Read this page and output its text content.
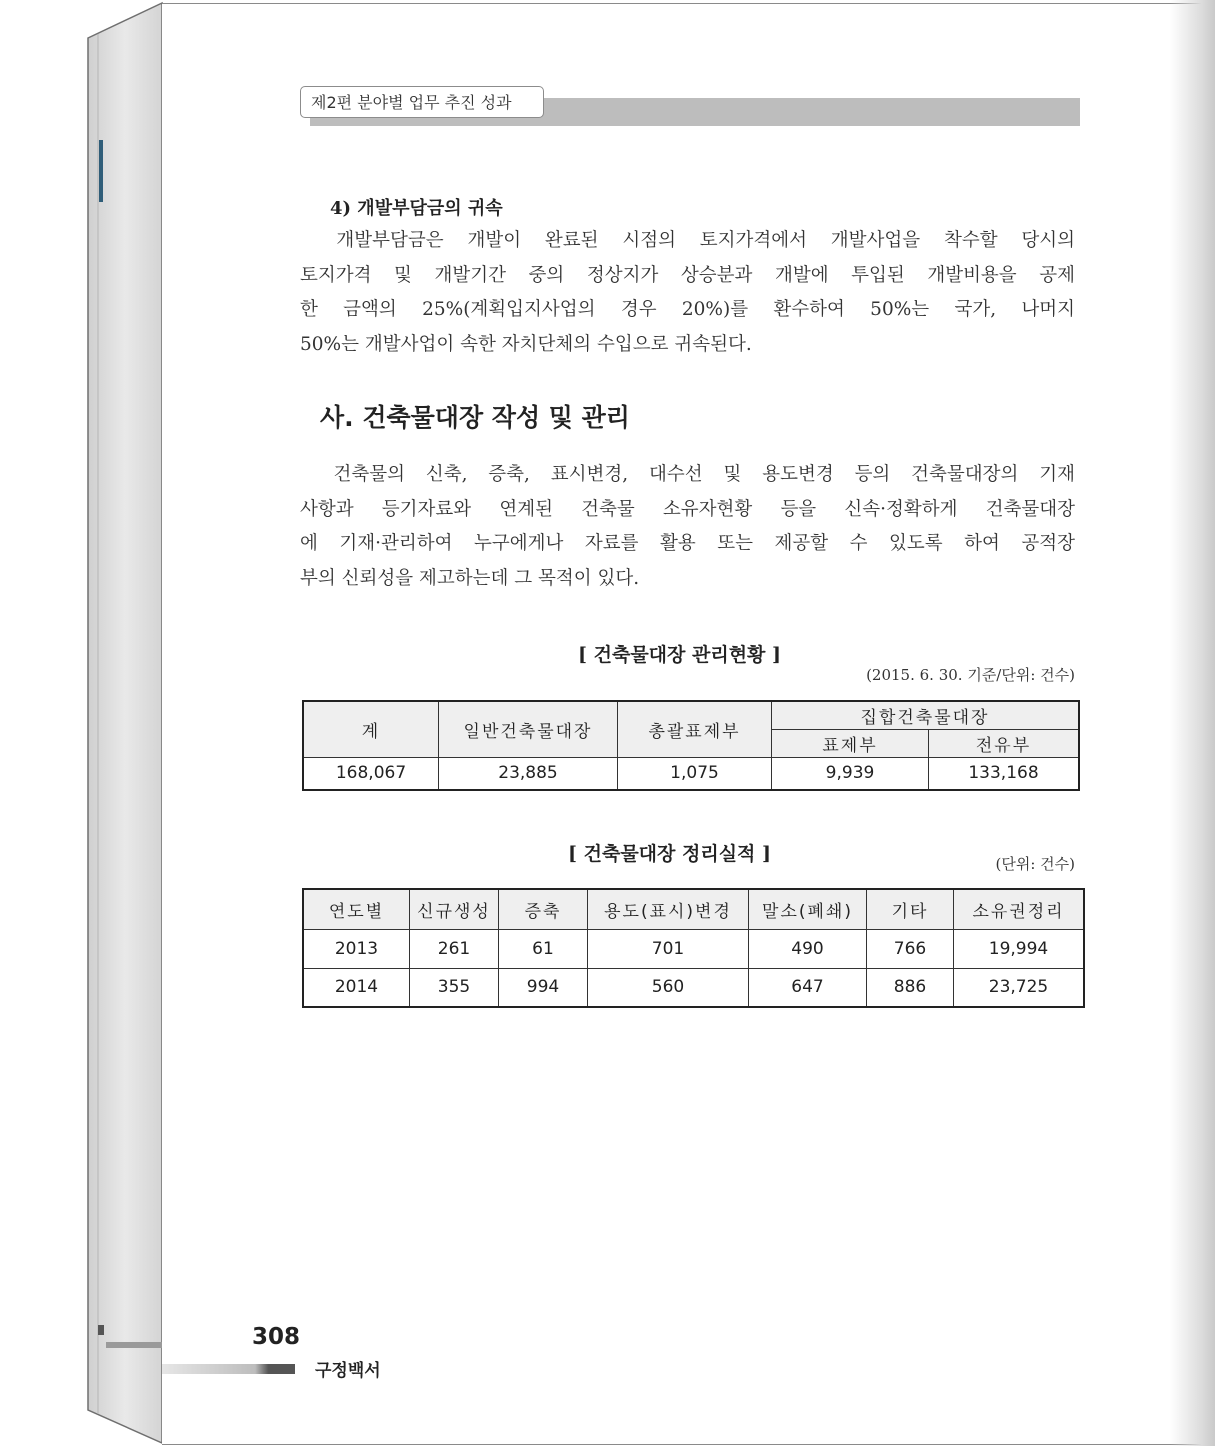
제2편 분야별 업무 추진 성과
4) 개발부담금의 귀속

　개발부담금은 개발이 완료된 시점의 토지가격에서 개발사업을 착수할 당시의
토지가격 및 개발기간 중의 정상지가 상승분과 개발에 투입된 개발비용을 공제
한 금액의 25%(계획입지사업의 경우 20%)를 환수하여 50%는 국가, 나머지
50%는 개발사업이 속한 자치단체의 수입으로 귀속된다.

사. 건축물대장 작성 및 관리

　건축물의 신축, 증축, 표시변경, 대수선 및 용도변경 등의 건축물대장의 기재
사항과 등기자료와 연계된 건축물 소유자현황 등을 신속·정확하게 건축물대장
에 기재·관리하여 누구에게나 자료를 활용 또는 제공할 수 있도록 하여 공적장
부의 신뢰성을 제고하는데 그 목적이 있다.

[ 건축물대장 관리현황 ]
(2015. 6. 30. 기준/단위: 건수)
계	일반건축물대장	총괄표제부	집합건축물대장	
			표제부	전유부
168,067	23,885	1,075	9,939	133,168
[ 건축물대장 정리실적 ]	(단위: 건수)
연도별	신규생성	증축	용도(표시)변경	말소(폐쇄)	기타	소유권정리
2013	261	61	701	490	766	19,994
2014	355	994	560	647	886	23,725
308
구정백서
